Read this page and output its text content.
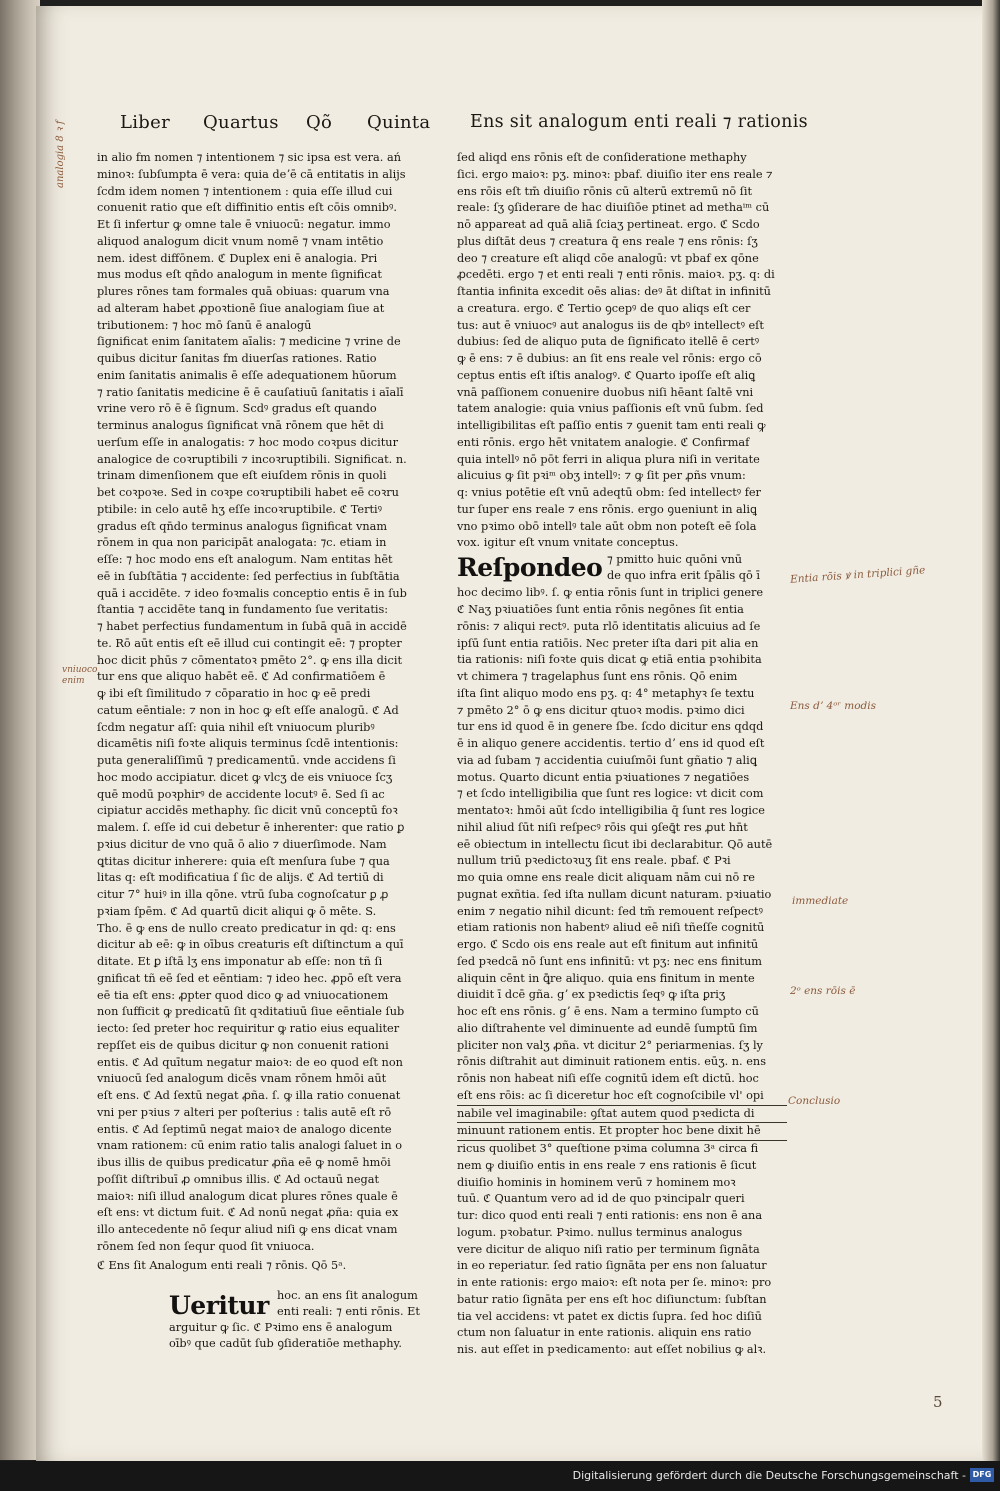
Liber Quartus Qõ Quinta Ens sit analogum enti reali ⁊ rationis
in alio fm nomen ⁊ intentionem ⁊ sic ipsa est vera. ań
minoꝛ: ſubſumpta ē vera: quia deʼē cā entitatis in alijs
ſcdm idem nomen ⁊ intentionem : quia eſſe illud cui
conuenit ratio que eſt diffinitio entis eſt cōis omnibꝰ.
Et ſi infertur ꝙ omne tale ē vniuocū: negatur. immo
aliquod analogum dicit vnum nomē ⁊ vnam intētio
nem. idest diffōnem. ℭ Duplex eni ē analogia. Pri
mus modus eſt qn̄do analogum in mente ſignificat
plures rōnes tam formales quā obiuas: quarum vna
ad alteram habet ꝓpoꝛtionē ſiue analogiam ſiue at
tributionem: ⁊ hoc mō ſanū ē analogū
ſignificat enim ſanitatem aīalis: ⁊ medicine ⁊ vrine de
quibus dicitur ſanitas fm diuerſas rationes. Ratio
enim ſanitatis animalis ē eſſe adequationem hūorum
⁊ ratio ſanitatis medicine ē ē cauſatiuū ſanitatis i aīalī
vrine vero rō ē ē ſignum. Scdꝰ gradus eſt quando
terminus analogus ſignificat vnā rōnem que hēt di
uerſum eſſe in analogatis: ⁊ hoc modo coꝛpus dicitur
analogice de coꝛruptibili ⁊ incoꝛruptibili. Significat. n.
trinam dimenſionem que eſt eiuſdem rōnis in quoli
bet coꝛpoꝛe. Sed in coꝛpe coꝛruptibili habet eē coꝛru
ptibile: in celo autē hʒ eſſe incoꝛruptibile. ℭ Tertiꝰ
gradus eſt qn̄do terminus analogus ſignificat vnam
rōnem in qua non paricipāt analogata: ⁊c. etiam in
eſſe: ⁊ hoc modo ens eſt analogum. Nam entitas hēt
eē in ſubſtātia ⁊ accidente: ſed perfectius in ſubſtātia
quā i accidēte. ⁊ ideo foꝛmalis conceptio entis ē in ſub
ſtantia ⁊ accidēte tanꝗ in fundamento ſue veritatis:
⁊ habet perfectius fundamentum in ſubā quā in accidē
te. Rō aūt entis eſt eē illud cui contingit eē: ⁊ propter
hoc dicit phūs ⁊ cōmentatoꝛ pmēto 2°. ꝙ ens illa dicit
tur ens que aliquo habēt eē. ℭ Ad confirmatiōem ē
ꝙ ibi eſt ſimilitudo ⁊ cōparatio in hoc ꝙ eē predi
catum eēntiale: ⁊ non in hoc ꝙ eſt eſſe analogū. ℭ Ad
ſcdm negatur aſſ: quia nihil eſt vniuocum pluribꝰ
dicamētis niſi foꝛte aliquis terminus ſcdē intentionis:
puta generaliſſimū ⁊ predicamentū. vnde accidens ſi
hoc modo accipiatur. dicet ꝙ vlcʒ de eis vniuoce ſcʒ
quē modū poꝛphirꝰ de accidente locutꝰ ē. Sed ſi ac
cipiatur accidēs methaphy. ſic dicit vnū conceptū foꝛ
malem. ſ. eſſe id cui debetur ē inherenter: que ratio ꝑ
pꝛius dicitur de vno quā ō alio ⁊ diuerſimode. Nam
ꝗtitas dicitur inherere: quia eſt menſura ſube ⁊ qua
litas q: eſt modificatiua ſ ſic de alijs. ℭ Ad tertiū di
citur 7° huiꝰ in illa qōne. vtrū ſuba cognoſcatur ꝑ ꝓ
pꝛiam ſpēm. ℭ Ad quartū dicit aliqui ꝙ ō mēte. S.
Tho. ē ꝙ ens de nullo creato predicatur in qd: q: ens
dicitur ab eē: ꝙ in oībus creaturis eſt diſtinctum a quī
ditate. Et ꝑ iſtā lʒ ens imponatur ab eſſe: non tñ ſi
gnificat tñ eē ſed et eēntiam: ⁊ ideo hec. ꝓpō eſt vera
eē tia eſt ens: ꝓpter quod dico ꝙ ad vniuocationem
non ſufficit ꝙ predicatū ſit qꝛditatiuū ſiue eēntiale ſub
iecto: ſed preter hoc requiritur ꝙ ratio eius equaliter
repſſet eis de quibus dicitur ꝙ non conuenit rationi
entis. ℭ Ad quītum negatur maioꝛ: de eo quod eſt non
vniuocū ſed analogum dicēs vnam rōnem hmōi aūt
eſt ens. ℭ Ad ſextū negat ꝓña. ſ. ꝙ illa ratio conuenat
vni per pꝛius ⁊ alteri per poſterius : talis autē eſt rō
entis. ℭ Ad ſeptimū negat maioꝛ de analogo dicente
vnam rationem: cū enim ratio talis analogi ſaluet in o
ibus illis de quibus predicatur ꝓña eē ꝙ nomē hmōi
poſſit diſtribuī ꝓ omnibus illis. ℭ Ad octauū negat
maioꝛ: niſi illud analogum dicat plures rōnes quale ē
eſt ens: vt dictum fuit. ℭ Ad nonū negat ꝓña: quia ex
illo antecedente nō ſequr aliud niſi ꝙ ens dicat vnam
rōnem ſed non ſequr quod ſit vniuoca.
ℭ Ens ſit Analogum enti reali ⁊ rōnis. Qō 5ᵃ.
Ueritur hoc. an ens ſit analogum
enti reali: ⁊ enti rōnis. Et
arguitur ꝙ ſic. ℭ Pꝛimo ens ē analogum
oībꝰ que cadūt ſub ꝯſideratiōe methaphy.
ſed aliqd ens rōnis eſt de conſideratione methaphy
ſici. ergo maioꝛ: pʒ. minoꝛ: pbaf. diuiſio iter ens reale ⁊
ens rōis eſt tm̄ diuiſio rōnis cū alterū extremū nō ſit
reale: ſʒ ꝯſiderare de hac diuiſiōe ptinet ad methaⁱᵐ cū
nō appareat ad quā aliā ſciaʒ pertineat. ergo. ℭ Scdo
plus diſtāt deus ⁊ creatura q̄ ens reale ⁊ ens rōnis: ſʒ
deo ⁊ creature eſt aliqd cōe analogū: vt pbaf ex qōne
ꝓcedēti. ergo ⁊ et enti reali ⁊ enti rōnis. maioꝛ. pʒ. q: di
ſtantia infinita excedit oēs alias: deꝰ āt diſtat in infinitū
a creatura. ergo. ℭ Tertio ꝯcepꝰ de quo aliqs eſt cer
tus: aut ē vniuocꝰ aut analogus iis de qbꝰ intellectꝰ eſt
dubius: ſed de aliquo puta de ſignificato itellē ē certꝰ
ꝙ ē ens: ⁊ ē dubius: an ſit ens reale vel rōnis: ergo cō
ceptus entis eſt iſtis analogꝰ. ℭ Quarto ipoſſe eſt aliꝗ
vnā paſſionem conuenire duobus niſi hēant ſaltē vni
tatem analogie: quia vnius paſſionis eſt vnū ſubm. ſed
intelligibilitas eſt paſſio entis ⁊ ꝯuenit tam enti reali ꝙ
enti rōnis. ergo hēt vnitatem analogie. ℭ Confirmaf
quia intellꝰ nō pōt ferri in aliqua plura niſi in veritate
alicuius ꝙ ſit pꝛiᵐ obʒ intellꝰ: ⁊ ꝙ ſit per ꝓñs vnum:
q: vnius potētie eſt vnū adeqtū obm: ſed intellectꝰ fer
tur ſuper ens reale ⁊ ens rōnis. ergo ꝯueniunt in aliꝗ
vno pꝛimo obō intellꝰ tale aūt obm non poteſt eē ſola
vox. igitur eſt vnum vnitate conceptus.
Reſpondeo ⁊ pmitto huic quōni vnū
de quo infra erit ſpālis qō ī
hoc decimo libꝰ. ſ. ꝙ entia rōnis ſunt in triplici genere
ℭ Naʒ pꝛiuatiōes ſunt entia rōnis negōnes ſit entia
rōnis: ⁊ aliqui rectꝰ. puta rlō identitatis alicuius ad ſe
ipſū ſunt entia ratiōis. Nec preter iſta dari pit alia en
tia rationis: niſi foꝛte quis dicat ꝙ etiā entia pꝛohibita
vt chimera ⁊ tragelaphus ſunt ens rōnis. Qō enim
iſta ſint aliquo modo ens pʒ. q: 4° metaphyꝛ ſe textu
⁊ pmēto 2° ō ꝙ ens dicitur qtuoꝛ modis. pꝛimo dici
tur ens id quod ē in genere ſbe. ſcdo dicitur ens qdqd
ē in aliquo genere accidentis. tertio dʼ ens id quod eſt
via ad ſubam ⁊ accidentia cuiuſmōi ſunt gñatio ⁊ aliꝗ
motus. Quarto dicunt entia pꝛiuationes ⁊ negatiōes
⁊ et ſcdo intelligibilia que ſunt res logice: vt dicit com
mentatoꝛ: hmōi aūt ſcdo intelligibilia q̄ ſunt res logice
nihil aliud ſūt niſi reſpecꝰ rōis qui ꝯſeꝗ̄t res ꝓut hn̄t
eē obiectum in intellectu ſicut ibi declarabitur. Qō autē
nullum triū pꝛedictoꝛuʒ ſit ens reale. pbaf. ℭ Pꝛi
mo quia omne ens reale dicit aliquam nām cui nō re
pugnat exñtia. ſed iſta nullam dicunt naturam. pꝛiuatio
enim ⁊ negatio nihil dicunt: ſed tm̄ remouent reſpectꝰ
etiam rationis non habentꝰ aliud eē niſi tñeſſe cognitū
ergo. ℭ Scdo ois ens reale aut eſt finitum aut infinitū
ſed pꝛedcā nō ſunt ens infinitū: vt pʒ: nec ens finitum
aliquin cēnt in ꝗ̄re aliquo. quia ens finitum in mente
diuidit ī dcē gña. gʼ ex pꝛedictis ſeqꝰ ꝙ iſta ꝑriʒ
hoc eſt ens rōnis. gʼ ē ens. Nam a termino ſumpto cū
alio diſtrahente vel diminuente ad eundē ſumptū ſim
pliciter non valʒ ꝓña. vt dicitur 2° periarmenias. ſʒ ly
rōnis diſtrahit aut diminuit rationem entis. eūʒ. n. ens
rōnis non habeat niſi eſſe cognitū idem eſt dictū. hoc
eſt ens rōis: ac ſi diceretur hoc eſt cognoſcibile vl' opi
nabile vel imaginabile: ꝯſtat autem quod pꝛedicta di
minuunt rationem entis. Et propter hoc bene dixit hē
ricus quolibet 3° queſtione pꝛima columna 3ᵃ circa fi
nem ꝙ diuiſio entis in ens reale ⁊ ens rationis ē ſicut
diuiſio hominis in hominem verū ⁊ hominem moꝛ
tuū. ℭ Quantum vero ad id de quo pꝛincipalr queri
tur: dico quod enti reali ⁊ enti rationis: ens non ē ana
logum. pꝛobatur. Pꝛimo. nullus terminus analogus
vere dicitur de aliquo niſi ratio per terminum ſignāta
in eo reperiatur. ſed ratio ſignāta per ens non ſaluatur
in ente rationis: ergo maioꝛ: eſt nota per ſe. minoꝛ: pro
batur ratio ſignāta per ens eſt hoc diſiunctum: ſubſtan
tia vel accidens: vt patet ex dictis ſupra. ſed hoc diſiū
ctum non ſaluatur in ente rationis. aliquin ens ratio
nis. aut eſſet in pꝛedicamento: aut eſſet nobilius ꝙ alꝛ.
analogia 8 ꝛ f
vniuoco enim
Entia rōis ꝟ in triplici gñe
Ens dʼ 4ᵒʳ modis
immediate
2ᵒ ens rōis ē
Conclusio
5
Digitalisierung gefördert durch die Deutsche Forschungsgemeinschaft - DFG
